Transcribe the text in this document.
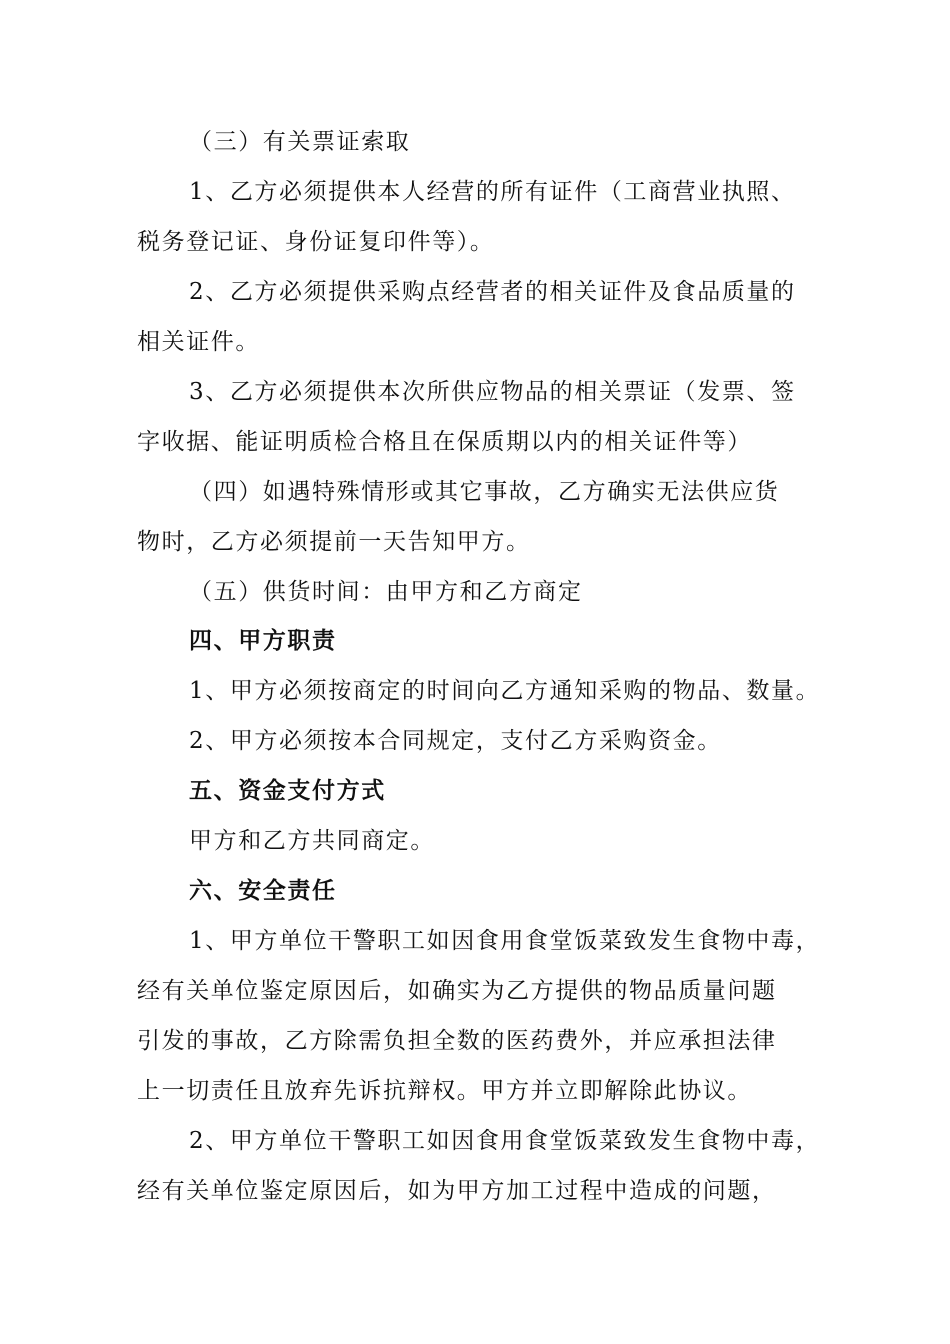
（三）有关票证索取
1、乙方必须提供本人经营的所有证件（工商营业执照、
税务登记证、身份证复印件等）。
2、乙方必须提供采购点经营者的相关证件及食品质量的
相关证件。
3、乙方必须提供本次所供应物品的相关票证（发票、签
字收据、能证明质检合格且在保质期以内的相关证件等）
（四）如遇特殊情形或其它事故，乙方确实无法供应货
物时，乙方必须提前一天告知甲方。
（五）供货时间：由甲方和乙方商定
四、甲方职责
1、甲方必须按商定的时间向乙方通知采购的物品、数量。
2、甲方必须按本合同规定，支付乙方采购资金。
五、资金支付方式
甲方和乙方共同商定。
六、安全责任
1、甲方单位干警职工如因食用食堂饭菜致发生食物中毒，
经有关单位鉴定原因后，如确实为乙方提供的物品质量问题
引发的事故，乙方除需负担全数的医药费外，并应承担法律
上一切责任且放弃先诉抗辩权。甲方并立即解除此协议。
2、甲方单位干警职工如因食用食堂饭菜致发生食物中毒，
经有关单位鉴定原因后，如为甲方加工过程中造成的问题，
